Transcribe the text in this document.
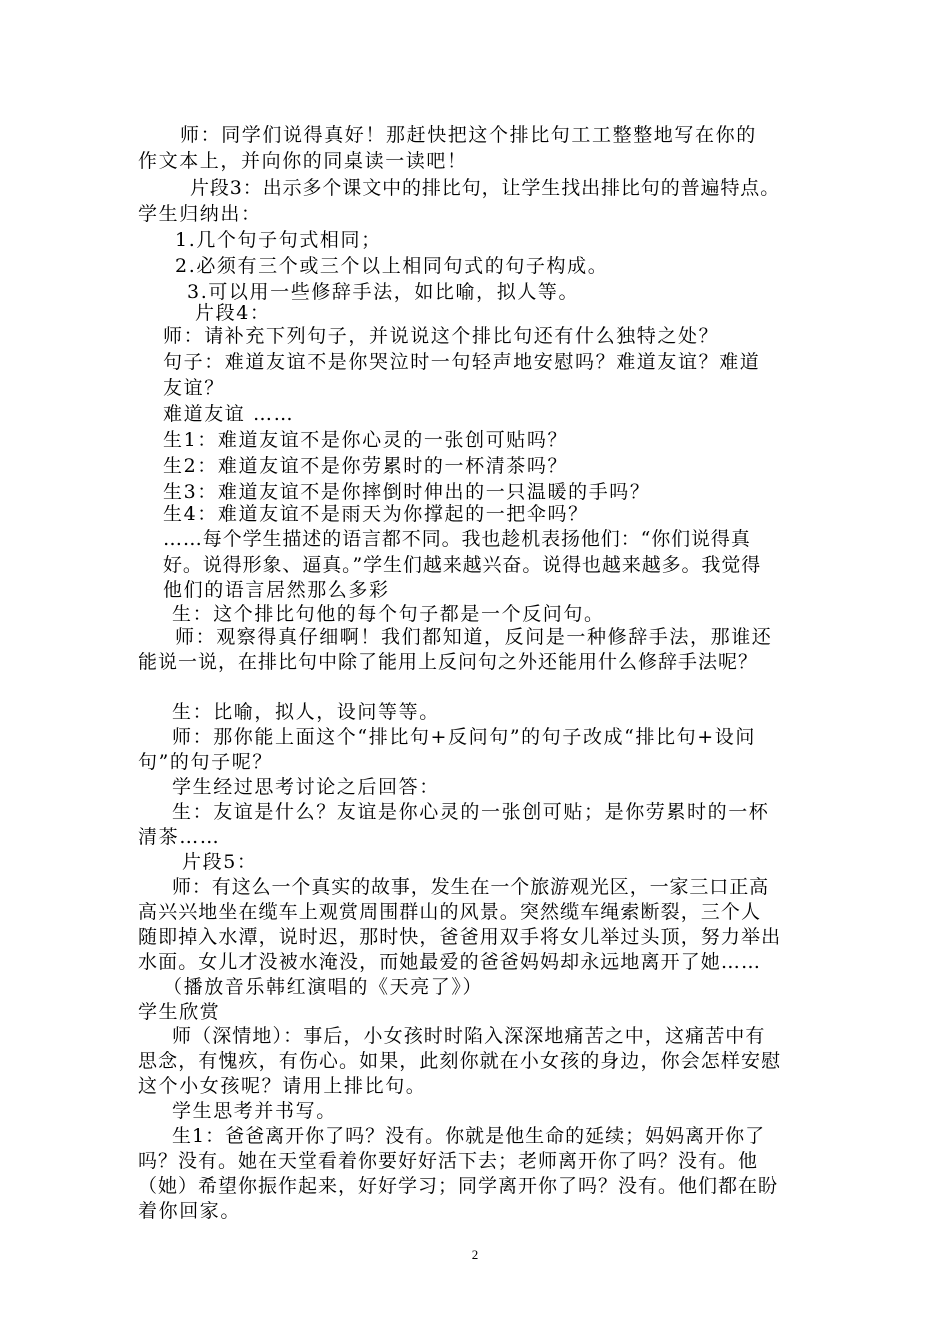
师：同学们说得真好！那赶快把这个排比句工工整整地写在你的
作文本上，并向你的同桌读一读吧！
片段3：出示多个课文中的排比句，让学生找出排比句的普遍特点。
学生归纳出：
1.几个句子句式相同；
2.必须有三个或三个以上相同句式的句子构成。
3.可以用一些修辞手法，如比喻，拟人等。
片段4：
师：请补充下列句子，并说说这个排比句还有什么独特之处？
句子：难道友谊不是你哭泣时一句轻声地安慰吗？难道友谊？难道
友谊？
难道友谊 ……
生1：难道友谊不是你心灵的一张创可贴吗？
生2：难道友谊不是你劳累时的一杯清茶吗？
生3：难道友谊不是你摔倒时伸出的一只温暖的手吗？
生4：难道友谊不是雨天为你撑起的一把伞吗？
……每个学生描述的语言都不同。我也趁机表扬他们：“你们说得真
好。说得形象、逼真。”学生们越来越兴奋。说得也越来越多。我觉得
他们的语言居然那么多彩
生：这个排比句他的每个句子都是一个反问句。
师：观察得真仔细啊！我们都知道，反问是一种修辞手法，那谁还
能说一说，在排比句中除了能用上反问句之外还能用什么修辞手法呢？
生：比喻，拟人，设问等等。
师：那你能上面这个“排比句+反问句”的句子改成“排比句+设问
句”的句子呢？
学生经过思考讨论之后回答：
生：友谊是什么？友谊是你心灵的一张创可贴；是你劳累时的一杯
清茶……
片段5：
师：有这么一个真实的故事，发生在一个旅游观光区，一家三口正高
高兴兴地坐在缆车上观赏周围群山的风景。突然缆车绳索断裂，三个人
随即掉入水潭，说时迟，那时快，爸爸用双手将女儿举过头顶，努力举出
水面。女儿才没被水淹没，而她最爱的爸爸妈妈却永远地离开了她……
（播放音乐韩红演唱的《天亮了》）
学生欣赏
师（深情地）：事后，小女孩时时陷入深深地痛苦之中，这痛苦中有
思念，有愧疚，有伤心。如果，此刻你就在小女孩的身边，你会怎样安慰
这个小女孩呢？请用上排比句。
学生思考并书写。
生1：爸爸离开你了吗？没有。你就是他生命的延续；妈妈离开你了
吗？没有。她在天堂看着你要好好活下去；老师离开你了吗？没有。他
（她）希望你振作起来，好好学习；同学离开你了吗？没有。他们都在盼
着你回家。
2
